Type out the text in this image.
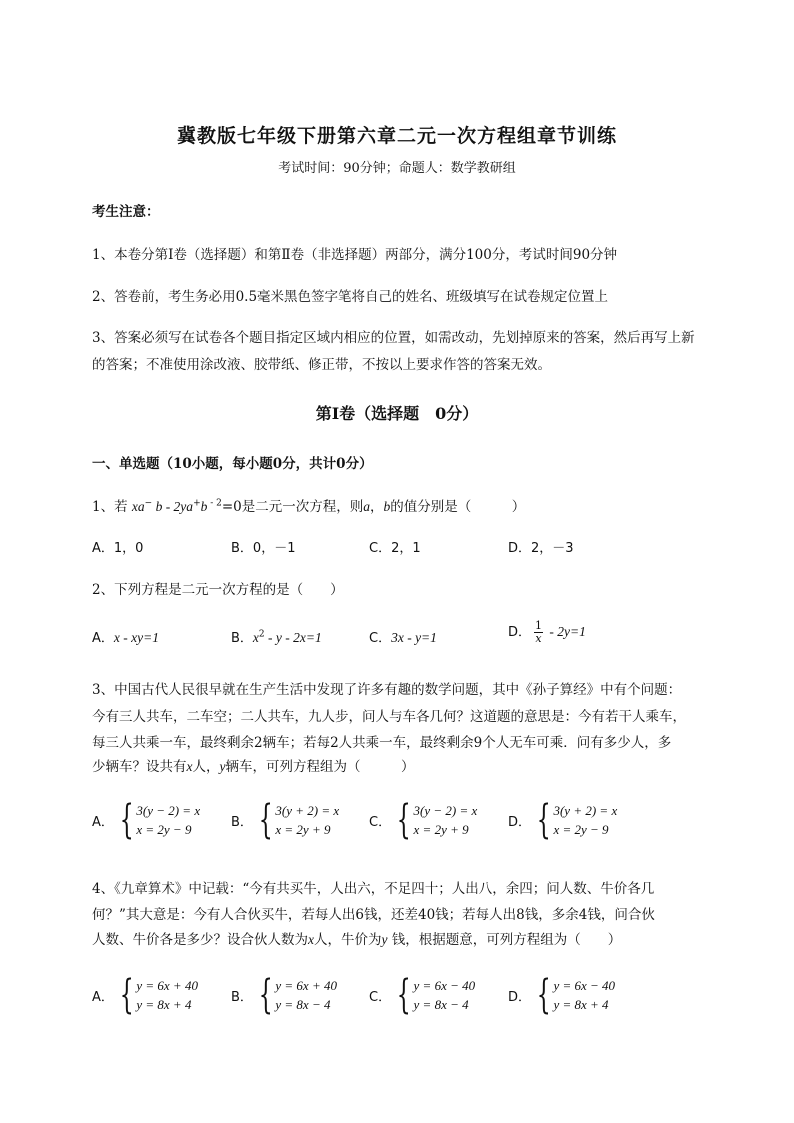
冀教版七年级下册第六章二元一次方程组章节训练
考试时间：90分钟；命题人：数学教研组
考生注意：
1、本卷分第Ⅰ卷（选择题）和第Ⅱ卷（非选择题）两部分，满分100分，考试时间90分钟
2、答卷前，考生务必用0.5毫米黑色签字笔将自己的姓名、班级填写在试卷规定位置上
3、答案必须写在试卷各个题目指定区域内相应的位置，如需改动，先划掉原来的答案，然后再写上新
的答案；不准使用涂改液、胶带纸、修正带，不按以上要求作答的答案无效。
第Ⅰ卷（选择题　0分）
一、单选题（10小题，每小题0分，共计0分）
1、若 xa− b - 2ya+b $^{- 2}$=0是二元一次方程，则a，b的值分别是（　　　）
A．1，0	B．0，－1	C．2，1	D．2，－3
2、下列方程是二元一次方程的是（　　）
A．x - xy=1	B．$x^2 - y - 2x=1$	C．3x - y=1	D． $\frac{1}{x} - 2y=1$
3、中国古代人民很早就在生产生活中发现了许多有趣的数学问题，其中《孙子算经》中有个问题：
今有三人共车，二车空；二人共车，九人步，问人与车各几何？这道题的意思是：今有若干人乘车，
每三人共乘一车，最终剩余2辆车；若每2人共乘一车，最终剩余9个人无车可乘．问有多少人，多
少辆车？设共有x人，y辆车，可列方程组为（　　　）
A． { 3(y − 2) = x
x = 2y − 9	B． { 3(y + 2) = x
x = 2y + 9	C． { 3(y − 2) = x
x = 2y + 9	D． { 3(y + 2) = x
x = 2y − 9
4、《九章算术》中记载：“今有共买牛，人出六，不足四十；人出八，余四；问人数、牛价各几
何？”其大意是：今有人合伙买牛，若每人出6钱，还差40钱；若每人出8钱，多余4钱，问合伙
人数、牛价各是多少？设合伙人数为x人，牛价为y 钱，根据题意，可列方程组为（　　）
A． { y = 6x + 40
y = 8x + 4	B． { y = 6x + 40
y = 8x − 4	C． { y = 6x − 40
y = 8x − 4	D． { y = 6x − 40
y = 8x + 4
